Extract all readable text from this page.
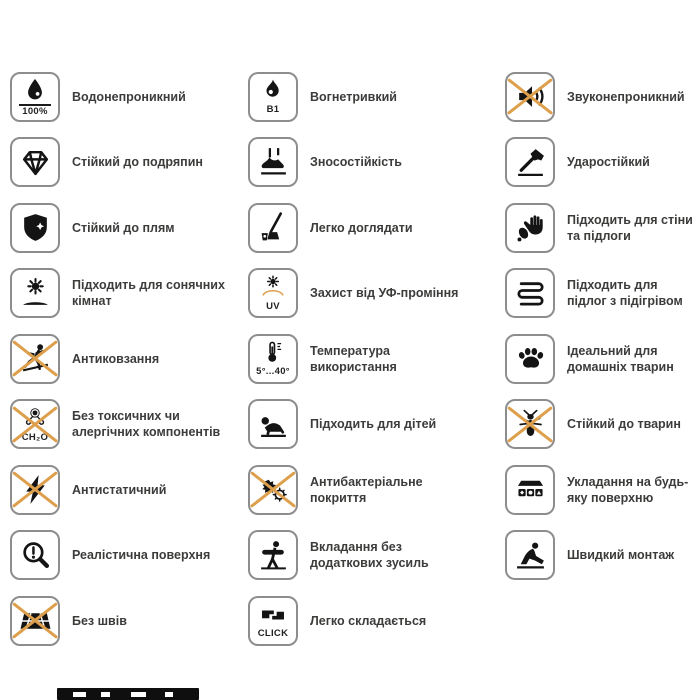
100%
Водонепроникний
Стійкий до подряпин
Стійкий до плям
Підходить для сонячних кімнат
Антиковзання
CH₂O
Без токсичних чи алергічних компонентів
Антистатичний
Реалістична поверхня
Без швів
B1
Вогнетривкий
Зносостійкість
Легко доглядати
UV
Захист від УФ-проміння
5°...40°
Температура використання
Підходить для дітей
Антибактеріальне покриття
Вкладання без додаткових зусиль
CLICK
Легко складається
Звуконепроникний
Ударостійкий
Підходить для стіни та підлоги
Підходить для підлог з підігрівом
Ідеальний для домашніх тварин
Стійкий до тварин
Укладання на будь-яку поверхню
Швидкий монтаж
